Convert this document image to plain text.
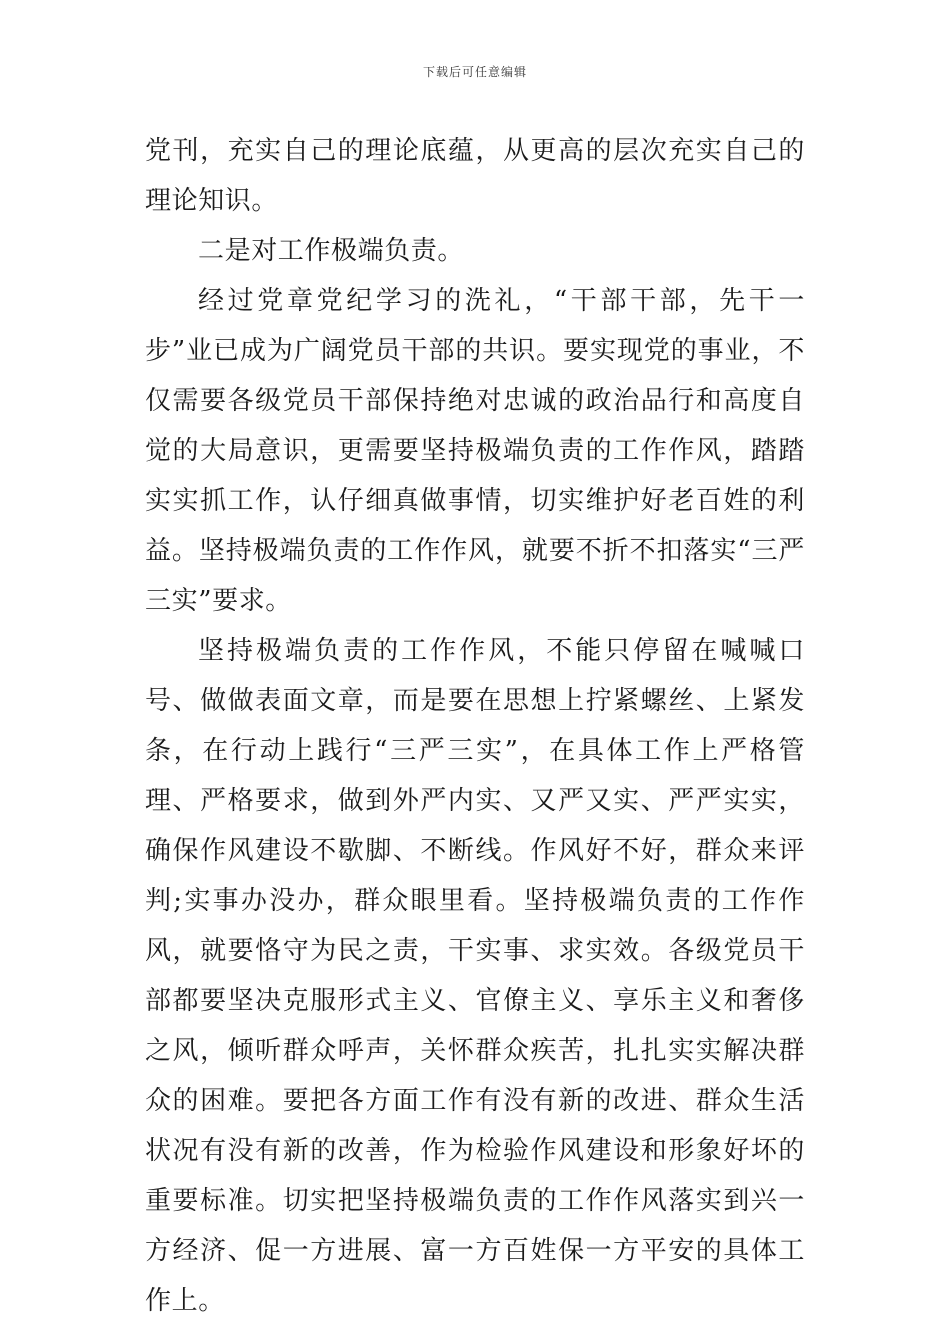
下载后可任意编辑

党刊，充实自己的理论底蕴，从更高的层次充实自己的理论知识。

二是对工作极端负责。

经过党章党纪学习的洗礼，“干部干部，先干一步”业已成为广阔党员干部的共识。要实现党的事业，不仅需要各级党员干部保持绝对忠诚的政治品行和高度自觉的大局意识，更需要坚持极端负责的工作作风，踏踏实实抓工作，认仔细真做事情，切实维护好老百姓的利益。坚持极端负责的工作作风，就要不折不扣落实“三严三实”要求。

坚持极端负责的工作作风，不能只停留在喊喊口号、做做表面文章，而是要在思想上拧紧螺丝、上紧发条，在行动上践行“三严三实”，在具体工作上严格管理、严格要求，做到外严内实、又严又实、严严实实，确保作风建设不歇脚、不断线。作风好不好，群众来评判;实事办没办，群众眼里看。坚持极端负责的工作作风，就要恪守为民之责，干实事、求实效。各级党员干部都要坚决克服形式主义、官僚主义、享乐主义和奢侈之风，倾听群众呼声，关怀群众疾苦，扎扎实实解决群众的困难。要把各方面工作有没有新的改进、群众生活状况有没有新的改善，作为检验作风建设和形象好坏的重要标准。切实把坚持极端负责的工作作风落实到兴一方经济、促一方进展、富一方百姓保一方平安的具体工作上。
